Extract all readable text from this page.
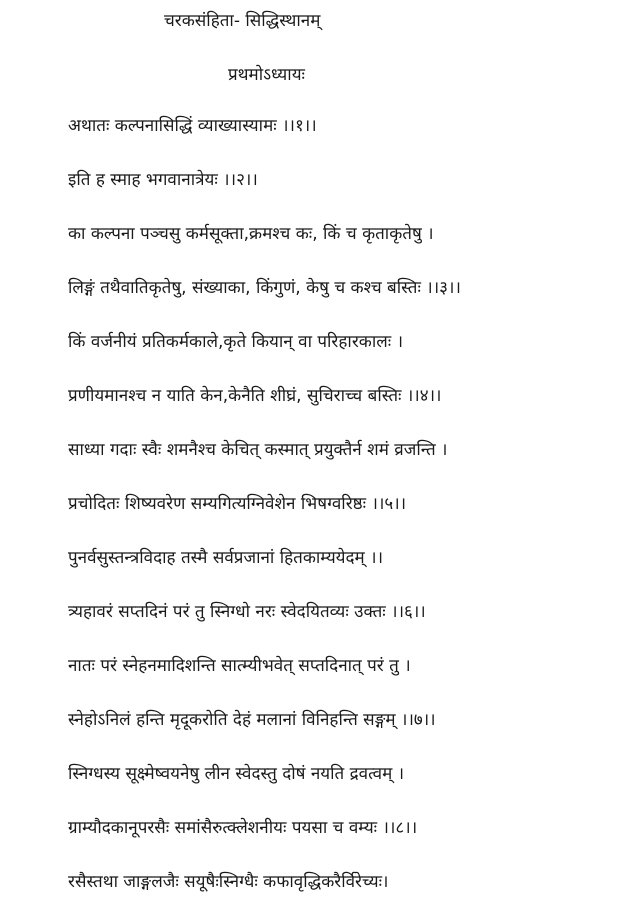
चरकसंहिता- सिद्धिस्थानम्
प्रथमोऽध्यायः
अथातः कल्पनासिद्धिं व्याख्यास्यामः ।।१।।
इति ह स्माह भगवानात्रेयः ।।२।।
का कल्पना पञ्चसु कर्मसूक्ता,क्रमश्च कः, किं च कृताकृतेषु ।
लिङ्गं तथैवातिकृतेषु, संख्याका, किंगुणं, केषु च कश्च बस्तिः ।।३।।
किं वर्जनीयं प्रतिकर्मकाले,कृते कियान् वा परिहारकालः ।
प्रणीयमानश्च न याति केन,केनैति शीघ्रं, सुचिराच्च बस्तिः ।।४।।
साध्या गदाः स्वैः शमनैश्च केचित् कस्मात् प्रयुक्तैर्न शमं व्रजन्ति ।
प्रचोदितः शिष्यवरेण सम्यगित्यग्निवेशेन भिषग्वरिष्ठः ।।५।।
पुनर्वसुस्तन्त्रविदाह तस्मै सर्वप्रजानां हितकाम्ययेदम् ।।
त्र्यहावरं सप्तदिनं परं तु स्निग्धो नरः स्वेदयितव्यः उक्तः ।।६।।
नातः परं स्नेहनमादिशन्ति सात्म्यीभवेत् सप्तदिनात् परं तु ।
स्नेहोऽनिलं हन्ति मृदूकरोति देहं मलानां विनिहन्ति सङ्गम् ।।७।।
स्निग्धस्य सूक्ष्मेष्वयनेषु लीन स्वेदस्तु दोषं नयति द्रवत्वम् ।
ग्राम्यौदकानूपरसैः समांसैरुत्क्लेशनीयः पयसा च वम्यः ।।८।।
रसैस्तथा जाङ्गलजैः सयूषैःस्निग्धैः कफावृद्धिकरैर्विरेच्यः।
